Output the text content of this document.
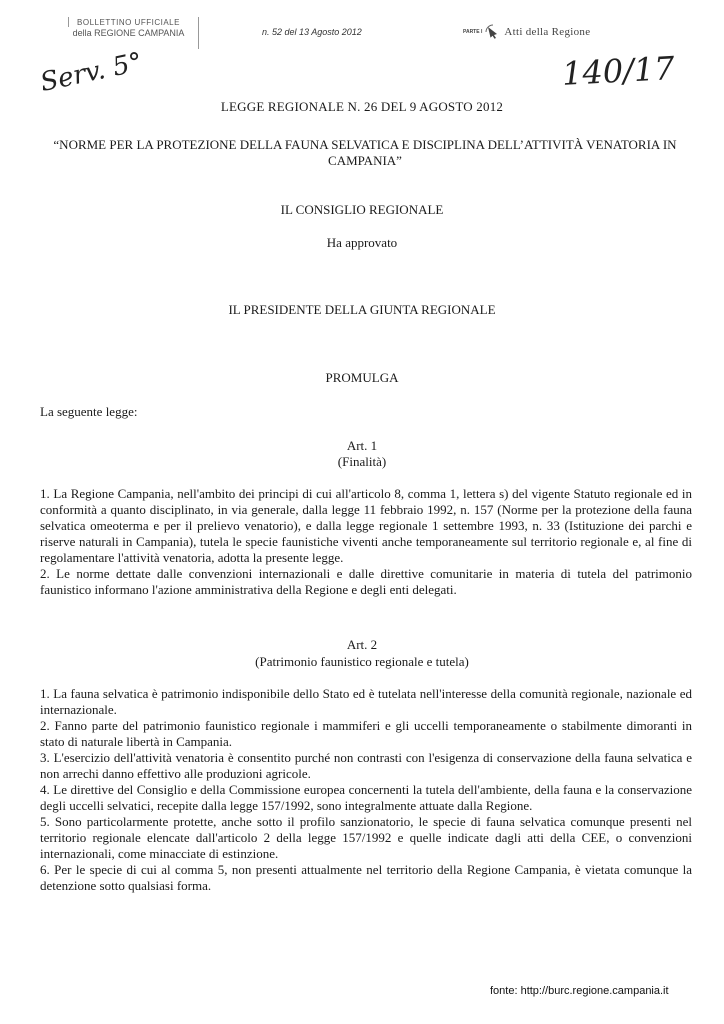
BOLLETTINO UFFICIALE
della REGIONE CAMPANIA	n. 52 del 13 Agosto 2012	PARTE I Atti della Regione
Serv. 5°	140/17
LEGGE REGIONALE N. 26 DEL 9 AGOSTO 2012
“NORME PER LA PROTEZIONE DELLA FAUNA SELVATICA E DISCIPLINA DELL’ATTIVITÀ VENATORIA IN CAMPANIA”
IL CONSIGLIO REGIONALE
Ha approvato
IL PRESIDENTE DELLA GIUNTA REGIONALE
PROMULGA
La seguente legge:
Art. 1
(Finalità)

1. La Regione Campania, nell'ambito dei principi di cui all'articolo 8, comma 1, lettera s) del vigente Statuto regionale ed in conformità a quanto disciplinato, in via generale, dalla legge 11 febbraio 1992, n. 157 (Norme per la protezione della fauna selvatica omeoterma e per il prelievo venatorio), e dalla legge regionale 1 settembre 1993, n. 33 (Istituzione dei parchi e riserve naturali in Campania), tutela le specie faunistiche viventi anche temporaneamente sul territorio regionale e, al fine di regolamentare l'attività venatoria, adotta la presente legge.

2. Le norme dettate dalle convenzioni internazionali e dalle direttive comunitarie in materia di tutela del patrimonio faunistico informano l'azione amministrativa della Regione e degli enti delegati.

Art. 2
(Patrimonio faunistico regionale e tutela)

1. La fauna selvatica è patrimonio indisponibile dello Stato ed è tutelata nell'interesse della comunità regionale, nazionale ed internazionale.

2. Fanno parte del patrimonio faunistico regionale i mammiferi e gli uccelli temporaneamente o stabilmente dimoranti in stato di naturale libertà in Campania.

3. L'esercizio dell'attività venatoria è consentito purché non contrasti con l'esigenza di conservazione della fauna selvatica e non arrechi danno effettivo alle produzioni agricole.

4. Le direttive del Consiglio e della Commissione europea concernenti la tutela dell'ambiente, della fauna e la conservazione degli uccelli selvatici, recepite dalla legge 157/1992, sono integralmente attuate dalla Regione.

5. Sono particolarmente protette, anche sotto il profilo sanzionatorio, le specie di fauna selvatica comunque presenti nel territorio regionale elencate dall'articolo 2 della legge 157/1992 e quelle indicate dagli atti della CEE, o convenzioni internazionali, come minacciate di estinzione.

6. Per le specie di cui al comma 5, non presenti attualmente nel territorio della Regione Campania, è vietata comunque la detenzione sotto qualsiasi forma.

fonte: http://burc.regione.campania.it
